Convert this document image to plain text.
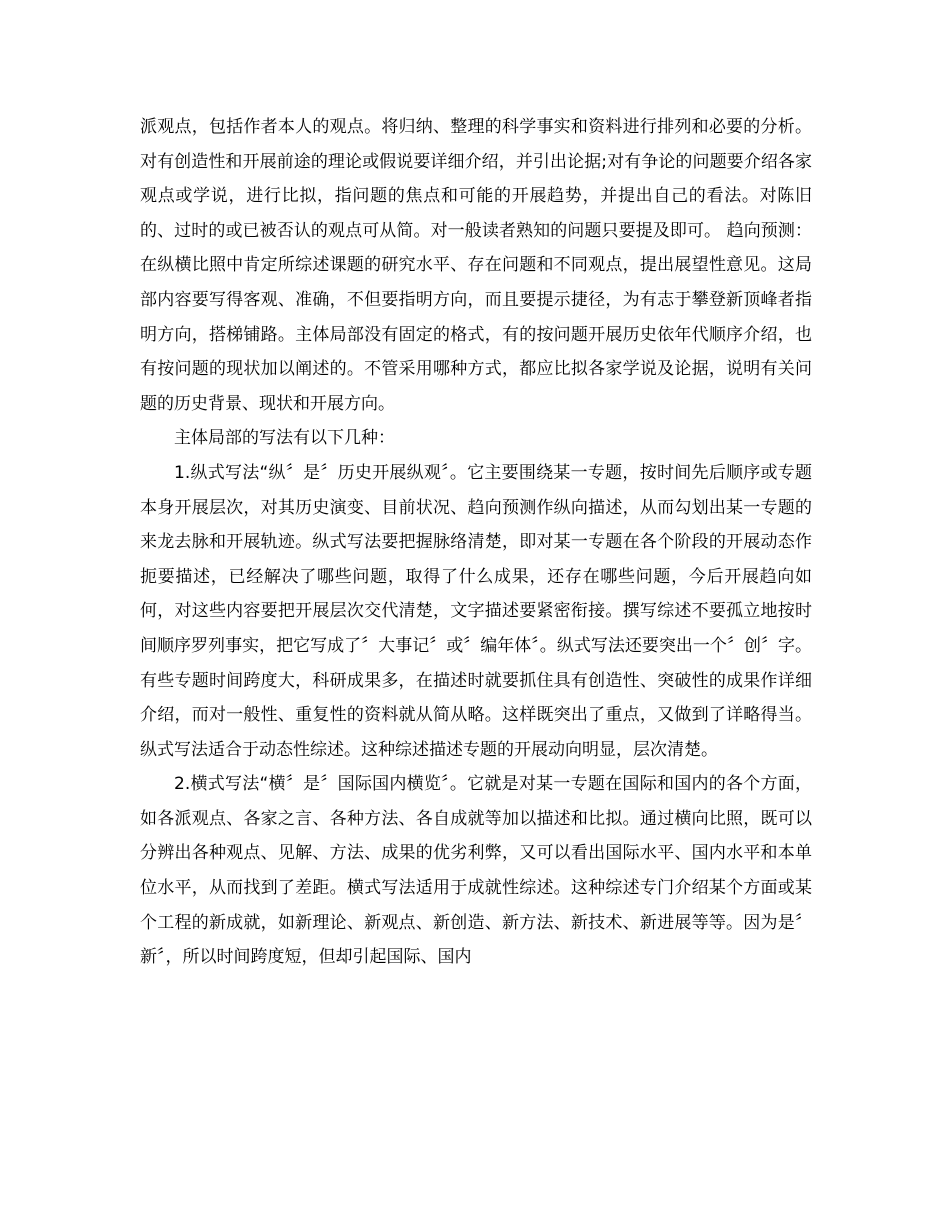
派观点，包括作者本人的观点。将归纳、整理的科学事实和资料进行排列和必要的分析。对有创造性和开展前途的理论或假说要详细介绍，并引出论据;对有争论的问题要介绍各家观点或学说，进行比拟，指问题的焦点和可能的开展趋势，并提出自己的看法。对陈旧的、过时的或已被否认的观点可从简。对一般读者熟知的问题只要提及即可。 趋向预测：在纵横比照中肯定所综述课题的研究水平、存在问题和不同观点，提出展望性意见。这局部内容要写得客观、准确，不但要指明方向，而且要提示捷径，为有志于攀登新顶峰者指明方向，搭梯铺路。主体局部没有固定的格式，有的按问题开展历史依年代顺序介绍，也有按问题的现状加以阐述的。不管采用哪种方式，都应比拟各家学说及论据，说明有关问题的历史背景、现状和开展方向。

主体局部的写法有以下几种：

1.纵式写法“纵〞是〞历史开展纵观〞。它主要围绕某一专题，按时间先后顺序或专题本身开展层次，对其历史演变、目前状况、趋向预测作纵向描述，从而勾划出某一专题的来龙去脉和开展轨迹。纵式写法要把握脉络清楚，即对某一专题在各个阶段的开展动态作扼要描述，已经解决了哪些问题，取得了什么成果，还存在哪些问题，今后开展趋向如何，对这些内容要把开展层次交代清楚，文字描述要紧密衔接。撰写综述不要孤立地按时间顺序罗列事实，把它写成了〞大事记〞或〞编年体〞。纵式写法还要突出一个〞创〞字。有些专题时间跨度大，科研成果多，在描述时就要抓住具有创造性、突破性的成果作详细介绍，而对一般性、重复性的资料就从简从略。这样既突出了重点，又做到了详略得当。纵式写法适合于动态性综述。这种综述描述专题的开展动向明显，层次清楚。

2.横式写法“横〞是〞国际国内横览〞。它就是对某一专题在国际和国内的各个方面，如各派观点、各家之言、各种方法、各自成就等加以描述和比拟。通过横向比照，既可以分辨出各种观点、见解、方法、成果的优劣利弊，又可以看出国际水平、国内水平和本单位水平，从而找到了差距。横式写法适用于成就性综述。这种综述专门介绍某个方面或某个工程的新成就，如新理论、新观点、新创造、新方法、新技术、新进展等等。因为是〞新〞，所以时间跨度短，但却引起国际、国内
